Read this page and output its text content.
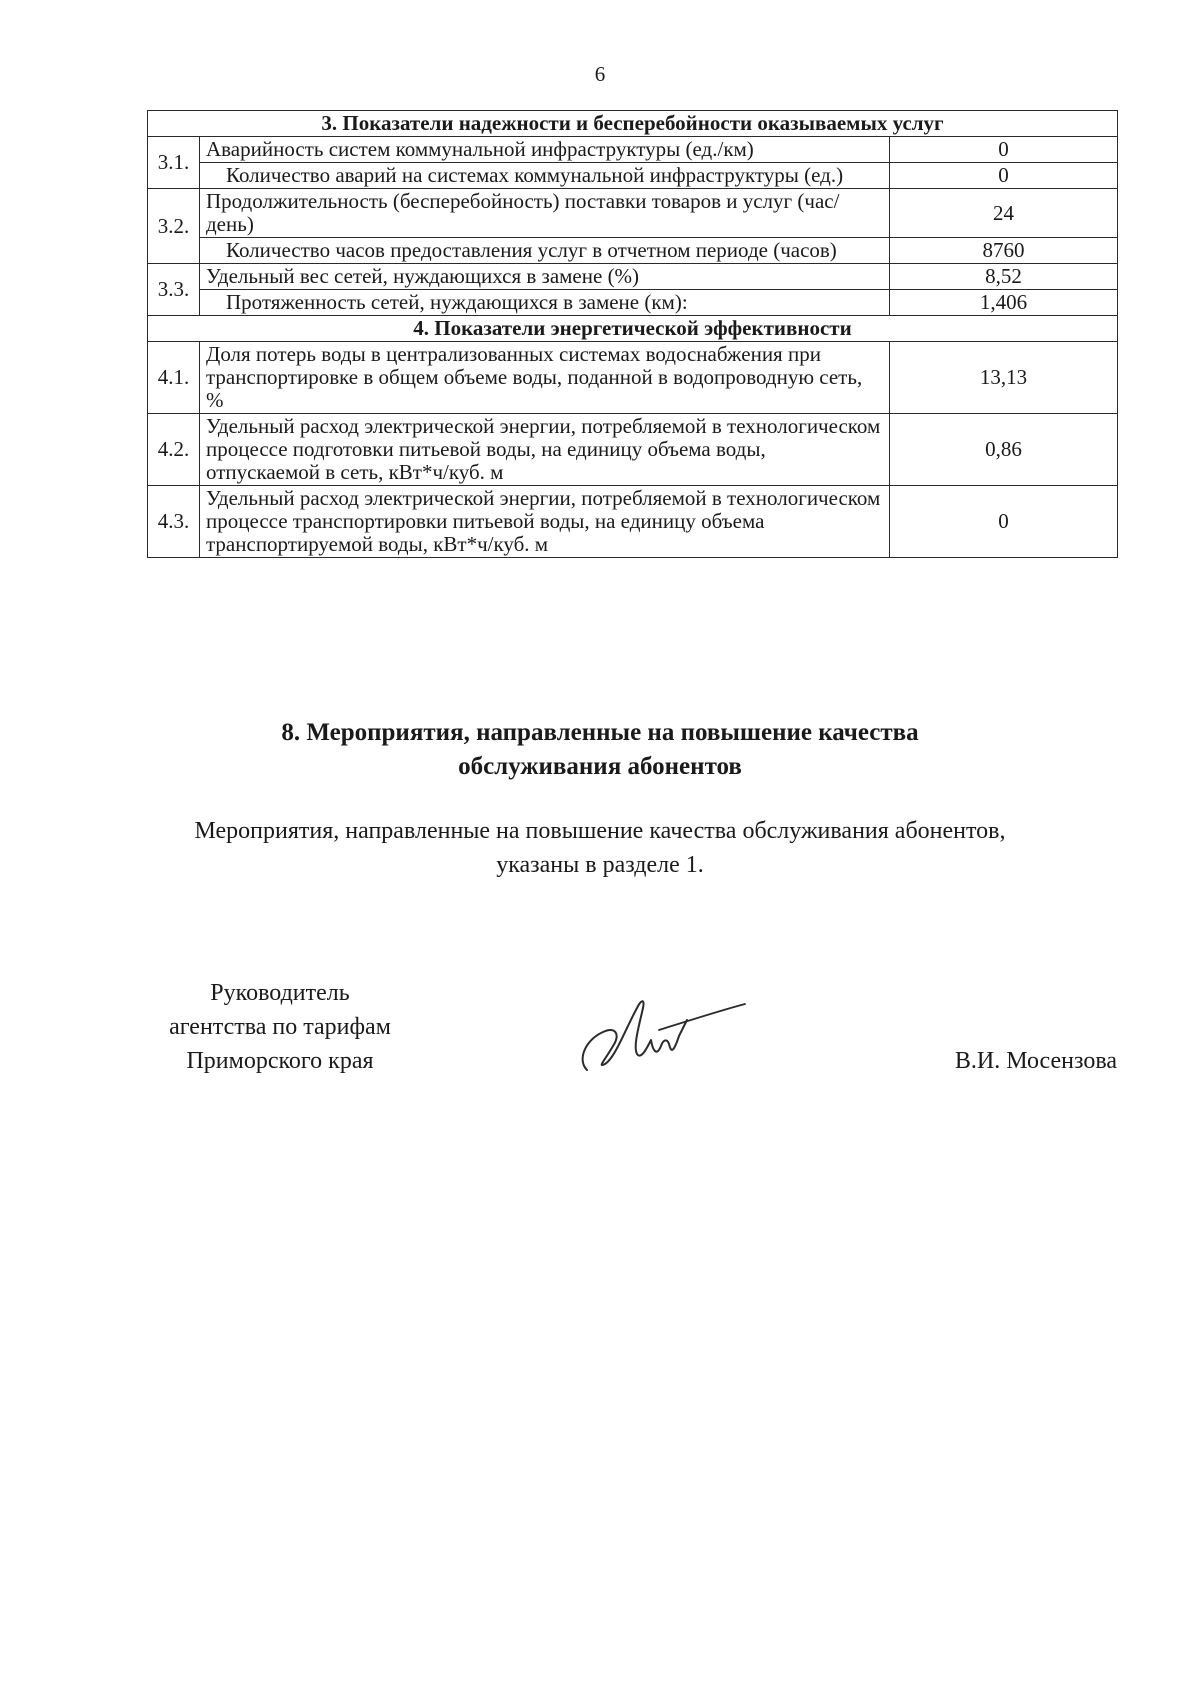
6
3. Показатели надежности и бесперебойности оказываемых услуг		
3.1.	Аварийность систем коммунальной инфраструктуры (ед./км)	0
	Количество аварий на системах коммунальной инфраструктуры (ед.)	0
3.2.	Продолжительность (бесперебойность) поставки товаров и услуг (час/день)	24
	Количество часов предоставления услуг в отчетном периоде (часов)	8760
3.3.	Удельный вес сетей, нуждающихся в замене (%)	8,52
	Протяженность сетей, нуждающихся в замене (км):	1,406
4. Показатели энергетической эффективности		
4.1.	Доля потерь воды в централизованных системах водоснабжения при транспортировке в общем объеме воды, поданной в водопроводную сеть, %	13,13
4.2.	Удельный расход электрической энергии, потребляемой в технологическом процессе подготовки питьевой воды, на единицу объема воды, отпускаемой в сеть, кВт*ч/куб. м	0,86
4.3.	Удельный расход электрической энергии, потребляемой в технологическом процессе транспортировки питьевой воды, на единицу объема транспортируемой воды, кВт*ч/куб. м	0
8. Мероприятия, направленные на повышение качества
обслуживания абонентов
Мероприятия, направленные на повышение качества обслуживания абонентов,
указаны в разделе 1.
Руководитель
агентства по тарифам
Приморского края	В.И. Мосензова
